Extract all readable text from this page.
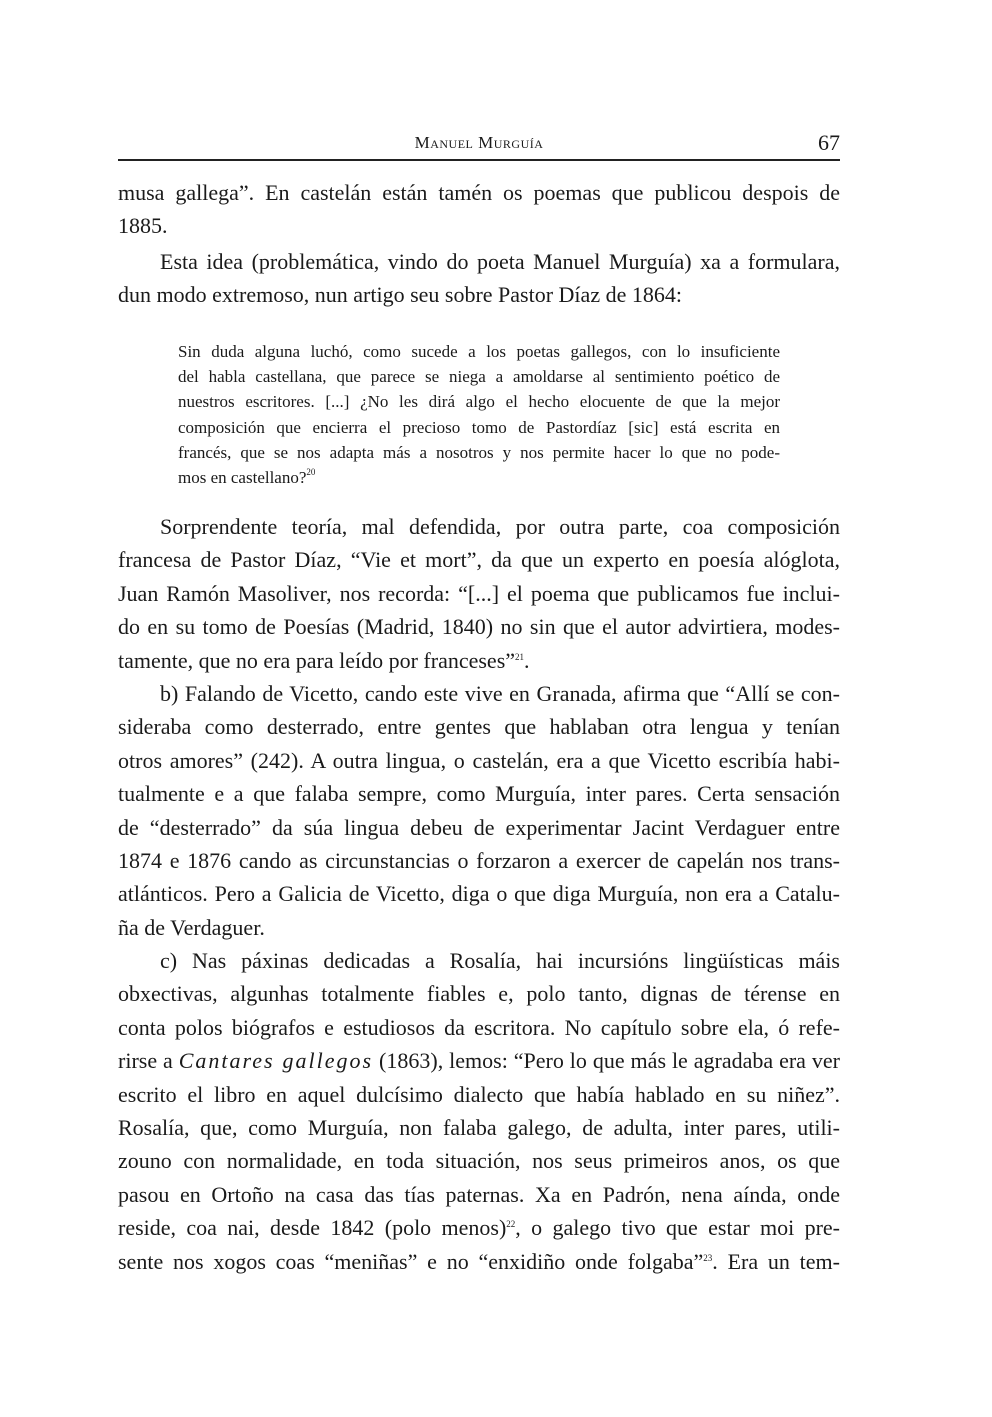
Manuel Murguía	67
musa gallega”. En castelán están tamén os poemas que publicou despois de
1885.
Esta idea (problemática, vindo do poeta Manuel Murguía) xa a formulara,
dun modo extremoso, nun artigo seu sobre Pastor Díaz de 1864:
Sin duda alguna luchó, como sucede a los poetas gallegos, con lo insuficiente
del habla castellana, que parece se niega a amoldarse al sentimiento poético de
nuestros escritores. [...] ¿No les dirá algo el hecho elocuente de que la mejor
composición que encierra el precioso tomo de Pastordíaz [sic] está escrita en
francés, que se nos adapta más a nosotros y nos permite hacer lo que no pode-
mos en castellano?$^{20}$
Sorprendente teoría, mal defendida, por outra parte, coa composición
francesa de Pastor Díaz, “Vie et mort”, da que un experto en poesía alóglota,
Juan Ramón Masoliver, nos recorda: “[...] el poema que publicamos fue inclui-
do en su tomo de Poesías (Madrid, 1840) no sin que el autor advirtiera, modes-
tamente, que no era para leído por franceses”$^{21}$.
b) Falando de Vicetto, cando este vive en Granada, afirma que “Allí se con-
sideraba como desterrado, entre gentes que hablaban otra lengua y tenían
otros amores” (242). A outra lingua, o castelán, era a que Vicetto escribía habi-
tualmente e a que falaba sempre, como Murguía, inter pares. Certa sensación
de “desterrado” da súa lingua debeu de experimentar Jacint Verdaguer entre
1874 e 1876 cando as circunstancias o forzaron a exercer de capelán nos trans-
atlánticos. Pero a Galicia de Vicetto, diga o que diga Murguía, non era a Catalu-
ña de Verdaguer.
c) Nas páxinas dedicadas a Rosalía, hai incursións lingüísticas máis
obxectivas, algunhas totalmente fiables e, polo tanto, dignas de térense en
conta polos biógrafos e estudiosos da escritora. No capítulo sobre ela, ó refe-
rirse a Cantares gallegos (1863), lemos: “Pero lo que más le agradaba era ver
escrito el libro en aquel dulcísimo dialecto que había hablado en su niñez”.
Rosalía, que, como Murguía, non falaba galego, de adulta, inter pares, utili-
zouno con normalidade, en toda situación, nos seus primeiros anos, os que
pasou en Ortoño na casa das tías paternas. Xa en Padrón, nena aínda, onde
reside, coa nai, desde 1842 (polo menos)$^{22}$, o galego tivo que estar moi pre-
sente nos xogos coas “meniñas” e no “enxidiño onde folgaba”$^{23}$. Era un tem-
